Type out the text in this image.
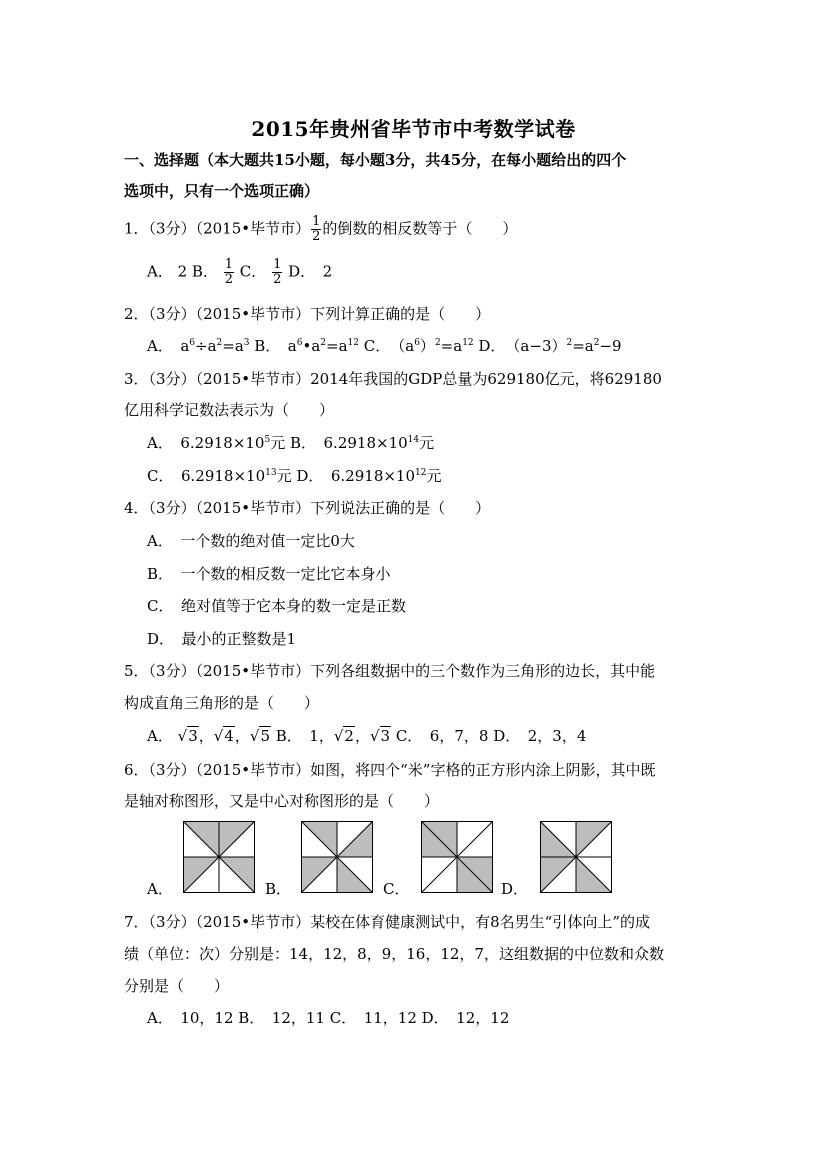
2015年贵州省毕节市中考数学试卷
一、选择题（本大题共15小题，每小题3分，共45分，在每小题给出的四个
选项中，只有一个选项正确）
1．（3分）（2015•毕节市） $\frac{1}{2}$ 的倒数的相反数等于（　　）
A． 2 B． $\frac{1}{2}$ C． $\frac{1}{2}$ D．　2
2．（3分）（2015•毕节市）下列计算正确的是（　　）
A．　$a^6\div a^2=a^3$ B．　$a^6•a^2=a^{12}$ C．　$(a^6)^2=a^{12}$ D．　$(a-3)^2=a^2-9$
3．（3分）（2015•毕节市）2014年我国的GDP总量为629180亿元，将629180
亿用科学记数法表示为（　　）
A．　$6.2918\times 10^5$元 B．　$6.2918\times 10^{14}$元
C．　$6.2918\times 10^{13}$元 D．　$6.2918\times 10^{12}$元
4．（3分）（2015•毕节市）下列说法正确的是（　　）
A．　一个数的绝对值一定比0大
B．　一个数的相反数一定比它本身小
C．　绝对值等于它本身的数一定是正数
D．　最小的正整数是1
5．（3分）（2015•毕节市）下列各组数据中的三个数作为三角形的边长，其中能
构成直角三角形的是（　　）
A． √3，√4，√5 B．　1，√2，√3 C．　6，7，8 D．　2，3，4
6．（3分）（2015•毕节市）如图，将四个“米”字格的正方形内涂上阴影，其中既
是轴对称图形，又是中心对称图形的是（　　）
A．	B．	C．	D．
7．（3分）（2015•毕节市）某校在体育健康测试中，有8名男生“引体向上”的成
绩（单位：次）分别是：14，12，8，9，16，12，7，这组数据的中位数和众数
分别是（　　）
A．　10，12 B．　12，11 C．　11，12 D．　12，12
